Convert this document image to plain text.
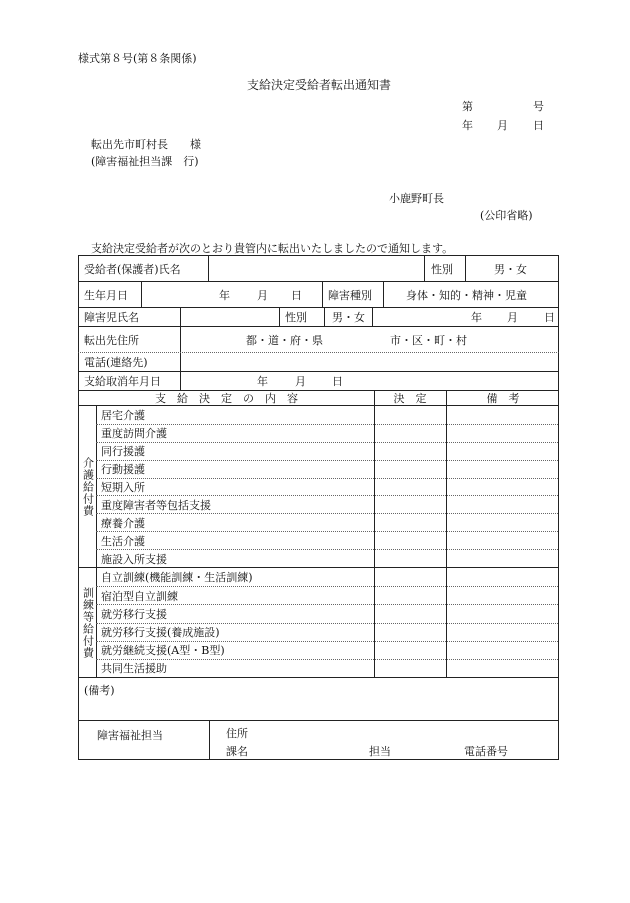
様式第８号(第８条関係)
支給決定受給者転出通知書
第	号
年 月 日
転出先市町村長　　様
(障害福祉担当課　行)
小鹿野町長
(公印省略)
支給決定受給者が次のとおり貴管内に転出いたしましたので通知します。
受給者(保護者)氏名	性別	男・女
生年月日	年 月 日 障害種別	身体・知的・精神・児童
障害児氏名	性別 男・女	年 月 日
転出先住所	都・道・府・県	市・区・町・村
電話(連絡先)
支給取消年月日	年 月 日
支　給　決　定　の　内　容	決　定	備　考
介護給付費
居宅介護
重度訪問介護
同行援護
行動援護
短期入所
重度障害者等包括支援
療養介護
生活介護
施設入所支援
訓練等給付費
自立訓練(機能訓練・生活訓練)
宿泊型自立訓練
就労移行支援
就労移行支援(養成施設)
就労継続支援(A型・B型)
共同生活援助
(備考)
障害福祉担当	住所
課名	担当	電話番号
